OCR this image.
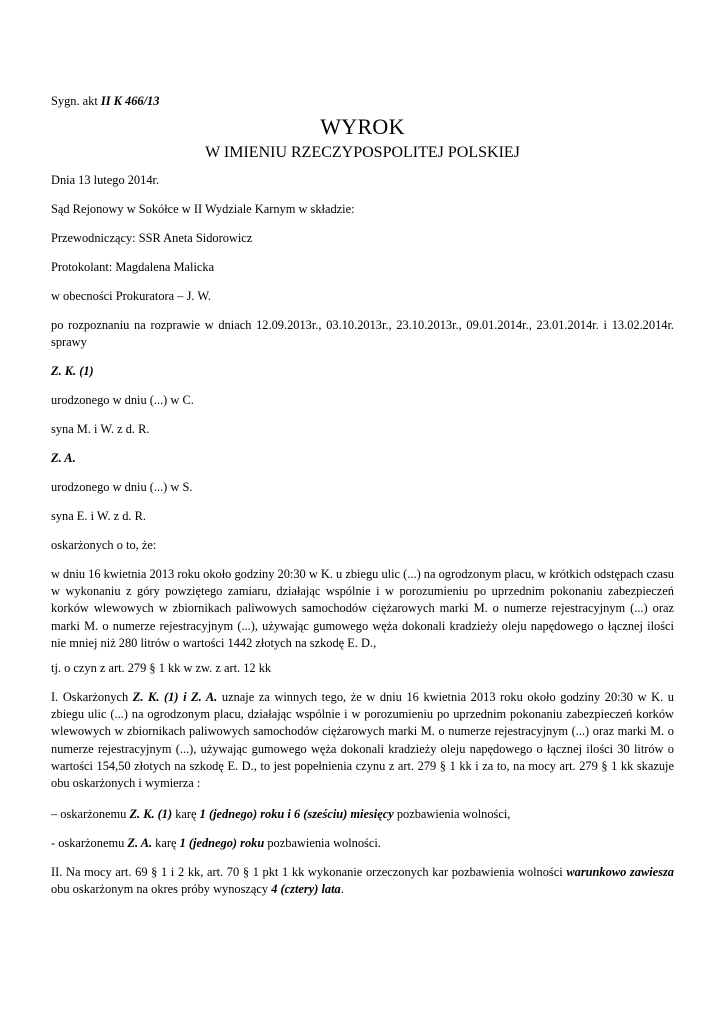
Sygn. akt II K 466/13

WYROK
W IMIENIU RZECZYPOSPOLITEJ POLSKIEJ

Dnia 13 lutego 2014r.

Sąd Rejonowy w Sokółce w II Wydziale Karnym w składzie:

Przewodniczący: SSR Aneta Sidorowicz

Protokolant: Magdalena Malicka

w obecności Prokuratora – J. W.

po rozpoznaniu na rozprawie w dniach 12.09.2013r., 03.10.2013r., 23.10.2013r., 09.01.2014r., 23.01.2014r. i 13.02.2014r. sprawy

Z. K. (1)

urodzonego w dniu (...) w C.

syna M. i W. z d. R.

Z. A.

urodzonego w dniu (...) w S.

syna E. i W. z d. R.

oskarżonych o to, że:

w dniu 16 kwietnia 2013 roku około godziny 20:30 w K. u zbiegu ulic (...) na ogrodzonym placu, w krótkich odstępach czasu w wykonaniu z góry powziętego zamiaru, działając wspólnie i w porozumieniu po uprzednim pokonaniu zabezpieczeń korków wlewowych w zbiornikach paliwowych samochodów ciężarowych marki M. o numerze rejestracyjnym (...) oraz marki M. o numerze rejestracyjnym (...), używając gumowego węża dokonali kradzieży oleju napędowego o łącznej ilości nie mniej niż 280 litrów o wartości 1442 złotych na szkodę E. D.,

tj. o czyn z art. 279 § 1 kk w zw. z art. 12 kk

I. Oskarżonych Z. K. (1) i Z. A. uznaje za winnych tego, że w dniu 16 kwietnia 2013 roku około godziny 20:30 w K. u zbiegu ulic (...) na ogrodzonym placu, działając wspólnie i w porozumieniu po uprzednim pokonaniu zabezpieczeń korków wlewowych w zbiornikach paliwowych samochodów ciężarowych marki M. o numerze rejestracyjnym (...) oraz marki M. o numerze rejestracyjnym (...), używając gumowego węża dokonali kradzieży oleju napędowego o łącznej ilości 30 litrów o wartości 154,50 złotych na szkodę E. D., to jest popełnienia czynu z art. 279 § 1 kk i za to, na mocy art. 279 § 1 kk skazuje obu oskarżonych i wymierza :

– oskarżonemu Z. K. (1) karę 1 (jednego) roku i 6 (sześciu) miesięcy pozbawienia wolności,

- oskarżonemu Z. A. karę 1 (jednego) roku pozbawienia wolności.

II. Na mocy art. 69 § 1 i 2 kk, art. 70 § 1 pkt 1 kk wykonanie orzeczonych kar pozbawienia wolności warunkowo zawiesza obu oskarżonym na okres próby wynoszący 4 (cztery) lata.
